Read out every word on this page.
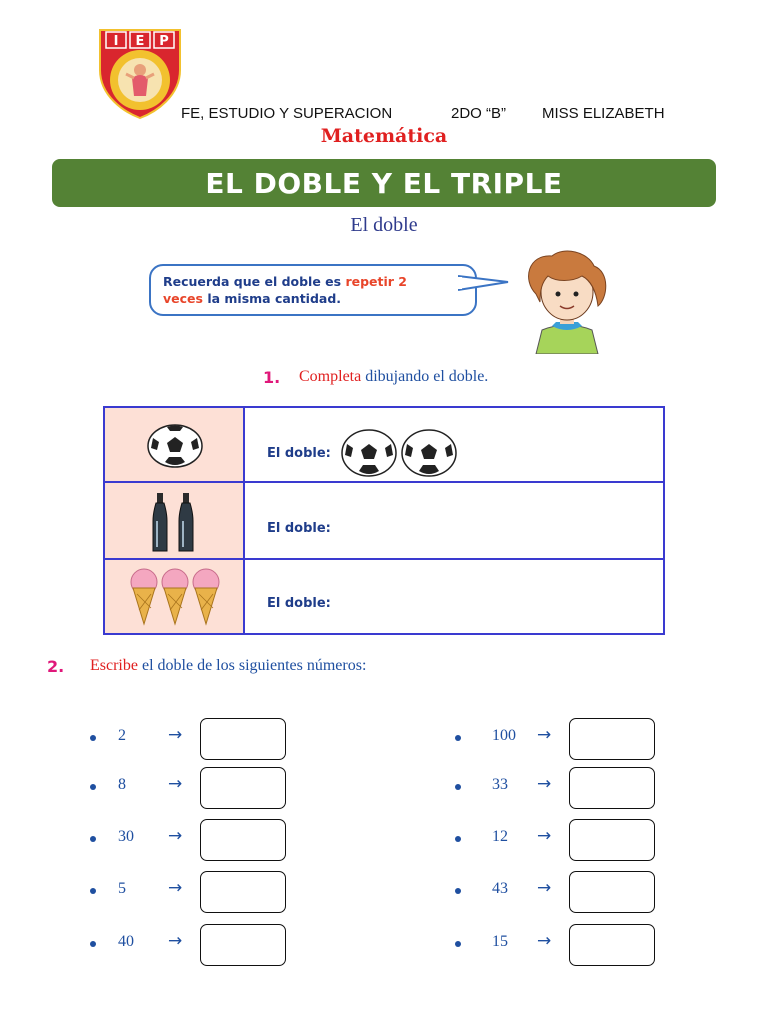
I E P
FE, ESTUDIO Y SUPERACION	2DO “B” MISS ELIZABETH
Matemática
EL DOBLE Y EL TRIPLE
El doble
Recuerda que el doble es repetir 2
veces la misma cantidad.
1. Completa dibujando el doble.
El doble:
El doble:
El doble:
2. Escribe el doble de los siguientes números:
2 →
8 →
30 →
5 →
40 →
100 →
33 →
12 →
43 →
15 →
